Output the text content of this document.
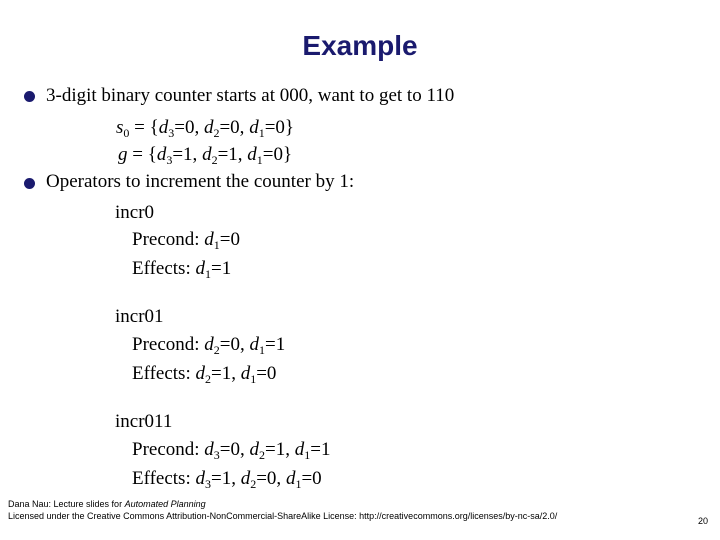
Example
3-digit binary counter starts at 000, want to get to 110
$s_0 = \{d_3=0$, $d_2=0$, $d_1=0$}
$g = \{d_3=1$, $d_2=1$, $d_1=0$}
Operators to increment the counter by 1:
incr0
Precond: $d_1=0$
Effects: $d_1=1$
incr01
Precond: $d_2=0$, $d_1=1$
Effects: $d_2=1$, $d_1=0$
incr011
Precond: $d_3=0$, $d_2=1$, $d_1=1$
Effects: $d_3=1$, $d_2=0$, $d_1=0$
Dana Nau: Lecture slides for Automated Planning
Licensed under the Creative Commons Attribution-NonCommercial-ShareAlike License: http://creativecommons.org/licenses/by-nc-sa/2.0/	20
